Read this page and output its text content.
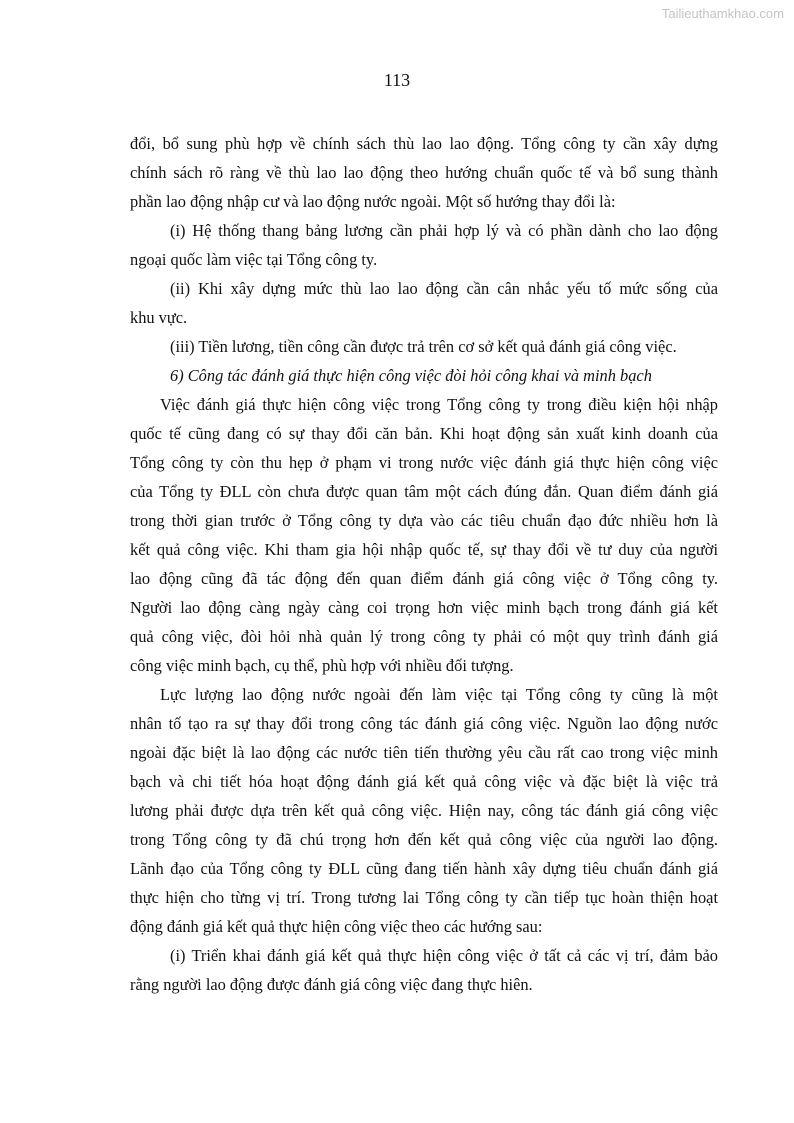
Tailieuthamkhao.com
113
đổi, bổ sung phù hợp về chính sách thù lao lao động. Tổng công ty cần xây dựng
chính sách rõ ràng về thù lao lao động theo hướng chuẩn quốc tế và bổ sung thành
phần lao động nhập cư và lao động nước ngoài. Một số hướng thay đổi là:
(i) Hệ thống thang bảng lương cần phải hợp lý và có phần dành cho lao động
ngoại quốc làm việc tại Tổng công ty.
(ii) Khi xây dựng mức thù lao lao động cần cân nhắc yếu tố mức sống của
khu vực.
(iii) Tiền lương, tiền công cần được trả trên cơ sở kết quả đánh giá công việc.
6) Công tác đánh giá thực hiện công việc đòi hỏi công khai và minh bạch
Việc đánh giá thực hiện công việc trong Tổng công ty trong điều kiện hội nhập
quốc tế cũng đang có sự thay đổi căn bản. Khi hoạt động sản xuất kinh doanh của
Tổng công ty còn thu hẹp ở phạm vi trong nước việc đánh giá thực hiện công việc
của Tổng ty ĐLL còn chưa được quan tâm một cách đúng đắn. Quan điểm đánh giá
trong thời gian trước ở Tổng công ty dựa vào các tiêu chuẩn đạo đức nhiều hơn là
kết quả công việc. Khi tham gia hội nhập quốc tế, sự thay đổi về tư duy của người
lao động cũng đã tác động đến quan điểm đánh giá công việc ở Tổng công ty.
Người lao động càng ngày càng coi trọng hơn việc minh bạch trong đánh giá kết
quả công việc, đòi hỏi nhà quản lý trong công ty phải có một quy trình đánh giá
công việc minh bạch, cụ thể, phù hợp với nhiều đối tượng.
Lực lượng lao động nước ngoài đến làm việc tại Tổng công ty cũng là một
nhân tố tạo ra sự thay đổi trong công tác đánh giá công việc. Nguồn lao động nước
ngoài đặc biệt là lao động các nước tiên tiến thường yêu cầu rất cao trong việc minh
bạch và chi tiết hóa hoạt động đánh giá kết quả công việc và đặc biệt là việc trả
lương phải được dựa trên kết quả công việc. Hiện nay, công tác đánh giá công việc
trong Tổng công ty đã chú trọng hơn đến kết quả công việc của người lao động.
Lãnh đạo của Tổng công ty ĐLL cũng đang tiến hành xây dựng tiêu chuẩn đánh giá
thực hiện cho từng vị trí. Trong tương lai Tổng công ty cần tiếp tục hoàn thiện hoạt
động đánh giá kết quả thực hiện công việc theo các hướng sau:
(i) Triển khai đánh giá kết quả thực hiện công việc ở tất cả các vị trí, đảm bảo
rằng người lao động được đánh giá công việc đang thực hiên.
